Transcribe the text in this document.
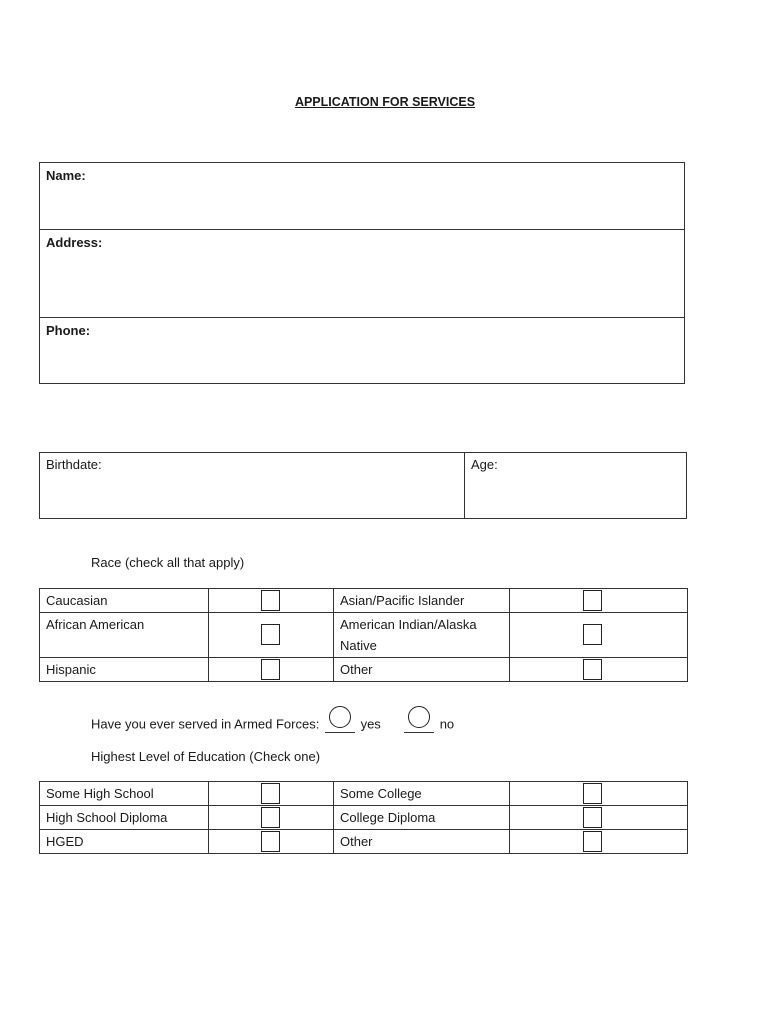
APPLICATION FOR SERVICES
Name:
Address:
Phone:
Birthdate:	Age:
Race (check all that apply)
Caucasian		Asian/Pacific Islander	

African American		American Indian/Alaska Native	

Hispanic		Other	
Have you ever served in Armed Forces:	yes	no
Highest Level of Education (Check one)
Some High School		Some College	

High School Diploma		College Diploma	

HGED		Other	
